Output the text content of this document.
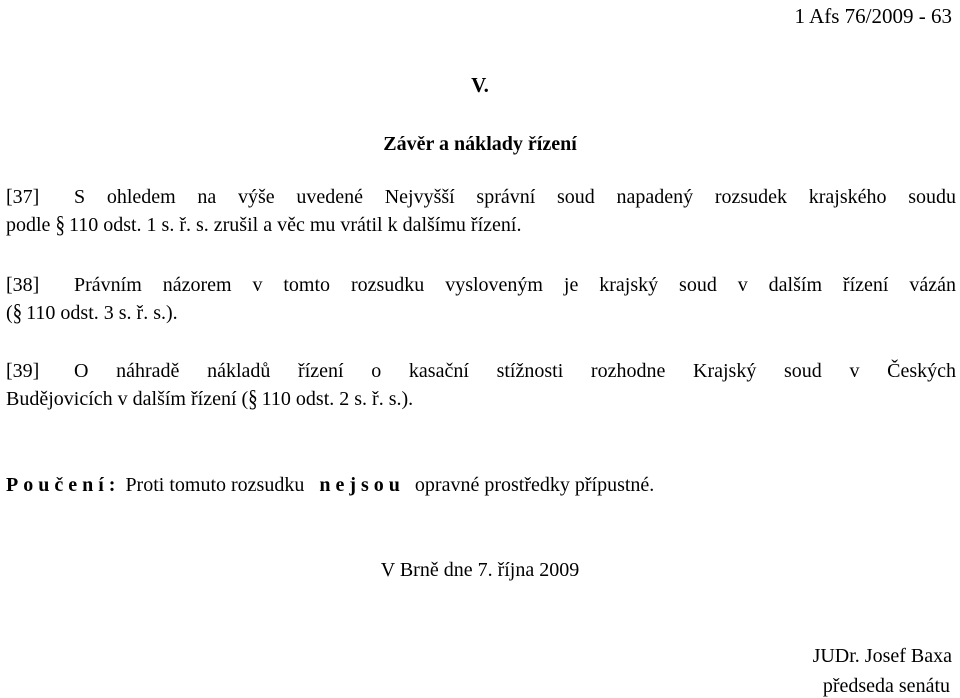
1 Afs 76/2009 - 63
V.
Závěr a náklady řízení
[37] S ohledem na výše uvedené Nejvyšší správní soud napadený rozsudek krajského soudu
podle § 110 odst. 1 s. ř. s. zrušil a věc mu vrátil k dalšímu řízení.
[38] Právním názorem v tomto rozsudku vysloveným je krajský soud v dalším řízení vázán
(§ 110 odst. 3 s. ř. s.).
[39] O náhradě nákladů řízení o kasační stížnosti rozhodne Krajský soud v Českých
Budějovicích v dalším řízení (§ 110 odst. 2 s. ř. s.).
Poučení: Proti tomuto rozsudku nejsou opravné prostředky přípustné.
V Brně dne 7. října 2009
JUDr. Josef Baxa
předseda senátu
